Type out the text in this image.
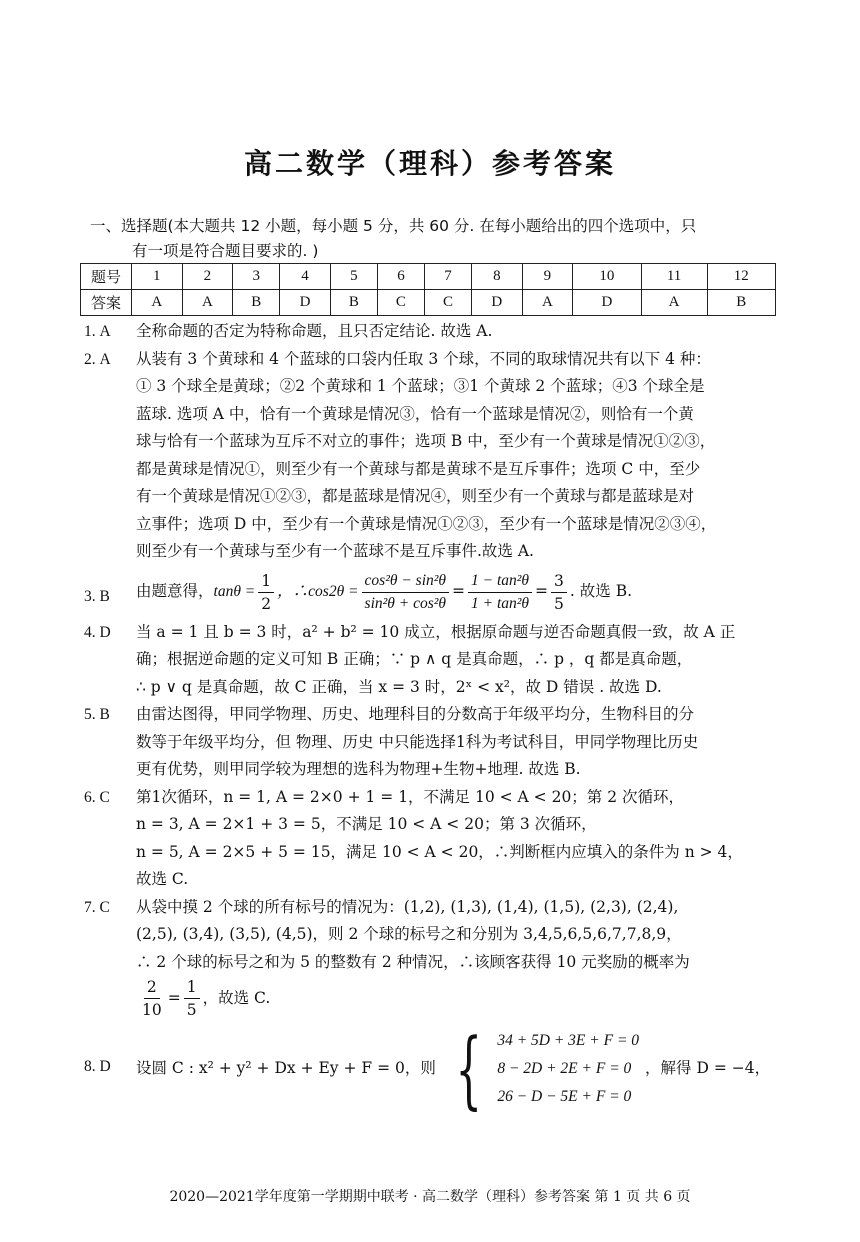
高二数学（理科）参考答案
一、选择题(本大题共 12 小题，每小题 5 分，共 60 分. 在每小题给出的四个选项中，只
有一项是符合题目要求的. )
题号	1	2	3	4	5	6	7	8	9	10	11	12
答案	A	A	B	D	B	C	C	D	A	D	A	B
1. A	全称命题的否定为特称命题，且只否定结论. 故选 A.
2. A	从装有 3 个黄球和 4 个蓝球的口袋内任取 3 个球，不同的取球情况共有以下 4 种：
① 3 个球全是黄球；②2 个黄球和 1 个蓝球；③1 个黄球 2 个蓝球；④3 个球全是
蓝球. 选项 A 中，恰有一个黄球是情况③，恰有一个蓝球是情况②，则恰有一个黄
球与恰有一个蓝球为互斥不对立的事件；选项 B 中，至少有一个黄球是情况①②③，
都是黄球是情况①，则至少有一个黄球与都是黄球不是互斥事件；选项 C 中，至少
有一个黄球是情况①②③，都是蓝球是情况④，则至少有一个黄球与都是蓝球是对
立事件；选项 D 中，至少有一个黄球是情况①②③，至少有一个蓝球是情况②③④，
则至少有一个黄球与至少有一个蓝球不是互斥事件.故选 A.
3. B	由题意得， $\tan\theta = \frac{1}{2}$ ，∴cos2θ = $\frac{\text{cos²θ − sin²θ}}{\text{sin²θ + cos²θ}} = \frac{\text{1 − tan²θ}}{\text{1 + tan²θ}} = \frac{3}{5}$ . 故选 B.
4. D	当 a = 1 且 b = 3 时，a² + b² = 10 成立，根据原命题与逆否命题真假一致，故 A 正
确；根据逆命题的定义可知 B 正确；∵ p ∧ q 是真命题，∴ p ，q 都是真命题，
∴ p ∨ q 是真命题，故 C 正确，当 x = 3 时，2ˣ < x²，故 D 错误 . 故选 D.
5. B	由雷达图得，甲同学物理、历史、地理科目的分数高于年级平均分，生物科目的分
数等于年级平均分，但 物理、历史 中只能选择1科为考试科目，甲同学物理比历史
更有优势，则甲同学较为理想的选科为物理+生物+地理. 故选 B.
6. C	第1次循环，n = 1, A = 2×0 + 1 = 1，不满足 10 < A < 20；第 2 次循环，
n = 3, A = 2×1 + 3 = 5，不满足 10 < A < 20；第 3 次循环，
n = 5, A = 2×5 + 5 = 15，满足 10 < A < 20，∴判断框内应填入的条件为 n > 4，
故选 C.
7. C	从袋中摸 2 个球的所有标号的情况为：(1,2), (1,3), (1,4), (1,5), (2,3), (2,4),
(2,5), (3,4), (3,5), (4,5)，则 2 个球的标号之和分别为 3,4,5,6,5,6,7,7,8,9，
∴ 2 个球的标号之和为 5 的整数有 2 种情况，∴该顾客获得 10 元奖励的概率为
$\frac{2}{10} = \frac{1}{5}$ ，故选 C.
8. D	设圆 C : x² + y² + Dx + Ey + F = 0，则 { 34 + 5D + 3E + F = 0
8 − 2D + 2E + F = 0
26 − D − 5E + F = 0
，解得 D = −4，
2020—2021学年度第一学期期中联考 · 高二数学（理科）参考答案 第 1 页 共 6 页
